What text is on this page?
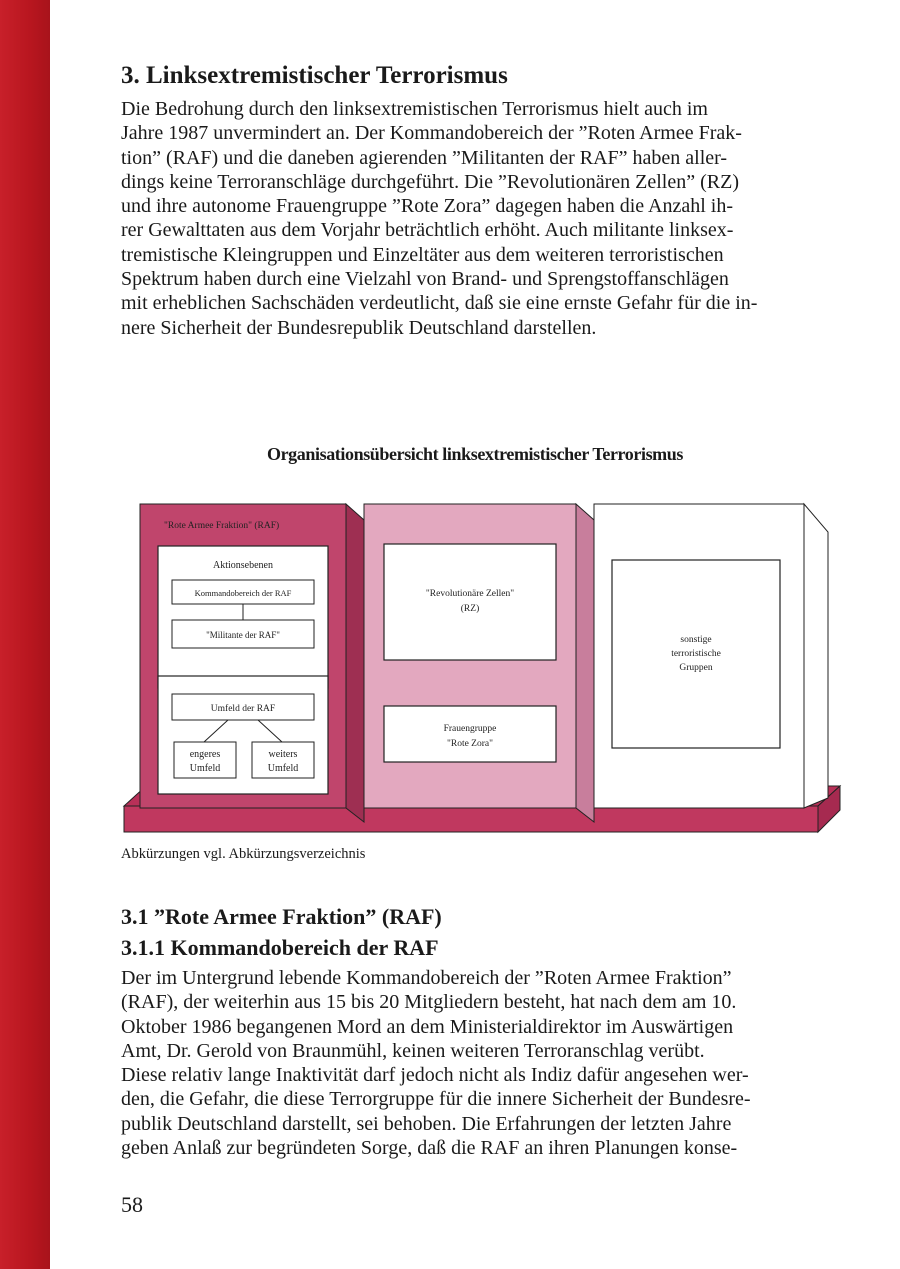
3. Linksextremistischer Terrorismus
Die Bedrohung durch den linksextremistischen Terrorismus hielt auch im
Jahre 1987 unvermindert an. Der Kommandobereich der ”Roten Armee Frak-
tion” (RAF) und die daneben agierenden ”Militanten der RAF” haben aller-
dings keine Terroranschläge durchgeführt. Die ”Revolutionären Zellen” (RZ)
und ihre autonome Frauengruppe ”Rote Zora” dagegen haben die Anzahl ih-
rer Gewalttaten aus dem Vorjahr beträchtlich erhöht. Auch militante linksex-
tremistische Kleingruppen und Einzeltäter aus dem weiteren terroristischen
Spektrum haben durch eine Vielzahl von Brand- und Sprengstoffanschlägen
mit erheblichen Sachschäden verdeutlicht, daß sie eine ernste Gefahr für die in-
nere Sicherheit der Bundesrepublik Deutschland darstellen.
Organisationsübersicht linksextremistischer Terrorismus
"Rote Armee Fraktion" (RAF)
Aktionsebenen
Kommandobereich der RAF
"Militante der RAF"
Umfeld der RAF
engeres
Umfeld
weiters
Umfeld
"Revolutionäre Zellen"
(RZ)
Frauengruppe
"Rote Zora"
sonstige
terroristische
Gruppen

Abkürzungen vgl. Abkürzungsverzeichnis

3.1 ”Rote Armee Fraktion” (RAF)
3.1.1 Kommandobereich der RAF
Der im Untergrund lebende Kommandobereich der ”Roten Armee Fraktion”
(RAF), der weiterhin aus 15 bis 20 Mitgliedern besteht, hat nach dem am 10.
Oktober 1986 begangenen Mord an dem Ministerialdirektor im Auswärtigen
Amt, Dr. Gerold von Braunmühl, keinen weiteren Terroranschlag verübt.
Diese relativ lange Inaktivität darf jedoch nicht als Indiz dafür angesehen wer-
den, die Gefahr, die diese Terrorgruppe für die innere Sicherheit der Bundesre-
publik Deutschland darstellt, sei behoben. Die Erfahrungen der letzten Jahre
geben Anlaß zur begründeten Sorge, daß die RAF an ihren Planungen konse-
58
